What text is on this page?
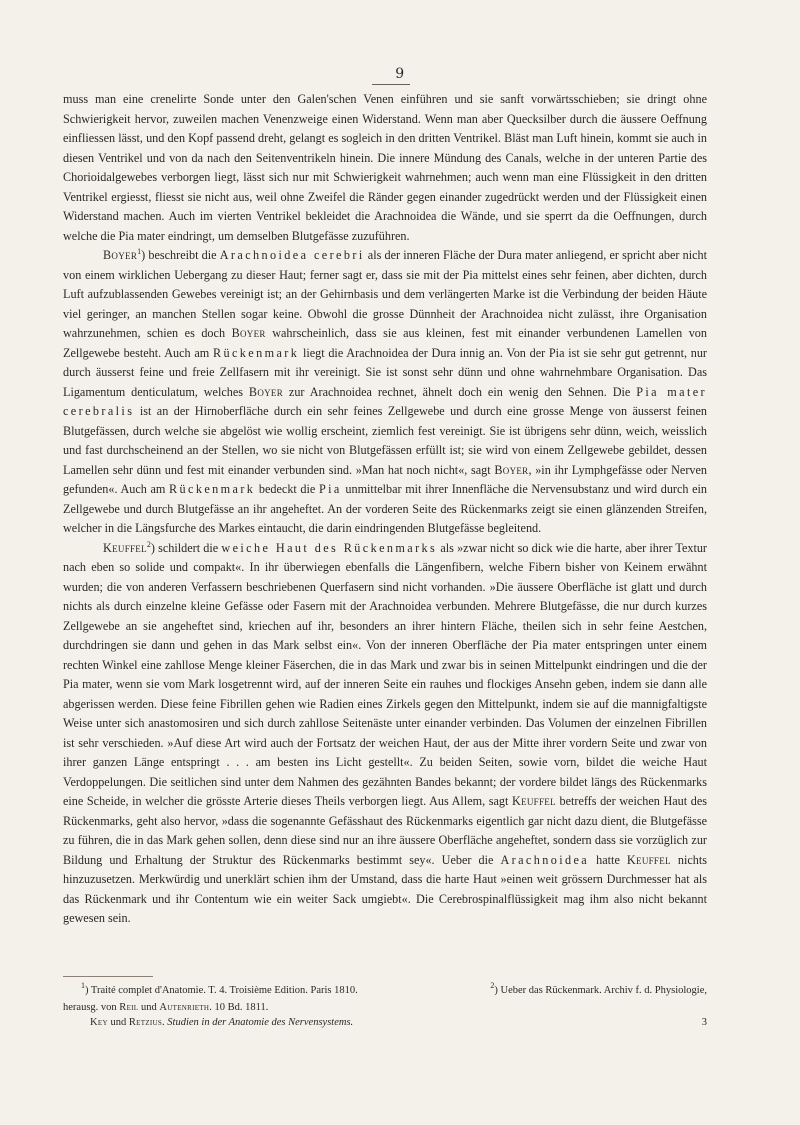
9

muss man eine crenelirte Sonde unter den Galen'schen Venen einführen und sie sanft vorwärtsschieben; sie dringt ohne Schwierigkeit hervor, zuweilen machen Venenzweige einen Widerstand. Wenn man aber Quecksilber durch die äussere Oeffnung einfliessen lässt, und den Kopf passend dreht, gelangt es sogleich in den dritten Ventrikel. Bläst man Luft hinein, kommt sie auch in diesen Ventrikel und von da nach den Seitenventrikeln hinein. Die innere Mündung des Canals, welche in der unteren Partie des Chorioidalgewebes verborgen liegt, lässt sich nur mit Schwierigkeit wahrnehmen; auch wenn man eine Flüssigkeit in den dritten Ventrikel ergiesst, fliesst sie nicht aus, weil ohne Zweifel die Ränder gegen einander zugedrückt werden und der Flüssigkeit einen Widerstand machen. Auch im vierten Ventrikel bekleidet die Arachnoidea die Wände, und sie sperrt da die Oeffnungen, durch welche die Pia mater eindringt, um demselben Blutgefässe zuzuführen.

Boyer$^1$) beschreibt die Arachnoidea cerebri als der inneren Fläche der Dura mater anliegend, er spricht aber nicht von einem wirklichen Uebergang zu dieser Haut; ferner sagt er, dass sie mit der Pia mittelst eines sehr feinen, aber dichten, durch Luft aufzublassenden Gewebes vereinigt ist; an der Gehirnbasis und dem verlängerten Marke ist die Verbindung der beiden Häute viel geringer, an manchen Stellen sogar keine. Obwohl die grosse Dünnheit der Arachnoidea nicht zulässt, ihre Organisation wahrzunehmen, schien es doch Boyer wahrscheinlich, dass sie aus kleinen, fest mit einander verbundenen Lamellen von Zellgewebe besteht. Auch am Rückenmark liegt die Arachnoidea der Dura innig an. Von der Pia ist sie sehr gut getrennt, nur durch äusserst feine und freie Zellfasern mit ihr vereinigt. Sie ist sonst sehr dünn und ohne wahrnehmbare Organisation. Das Ligamentum denticulatum, welches Boyer zur Arachnoidea rechnet, ähnelt doch ein wenig den Sehnen. Die Pia mater cerebralis ist an der Hirnoberfläche durch ein sehr feines Zellgewebe und durch eine grosse Menge von äusserst feinen Blutgefässen, durch welche sie abgelöst wie wollig erscheint, ziemlich fest vereinigt. Sie ist übrigens sehr dünn, weich, weisslich und fast durchscheinend an der Stellen, wo sie nicht von Blutgefässen erfüllt ist; sie wird von einem Zellgewebe gebildet, dessen Lamellen sehr dünn und fest mit einander verbunden sind. »Man hat noch nicht«, sagt Boyer, »in ihr Lymphgefässe oder Nerven gefunden«. Auch am Rückenmark bedeckt die Pia unmittelbar mit ihrer Innenfläche die Nervensubstanz und wird durch ein Zellgewebe und durch Blutgefässe an ihr angeheftet. An der vorderen Seite des Rückenmarks zeigt sie einen glänzenden Streifen, welcher in die Längsfurche des Markes eintaucht, die darin eindringenden Blutgefässe begleitend.

Keuffel$^2$) schildert die weiche Haut des Rückenmarks als »zwar nicht so dick wie die harte, aber ihrer Textur nach eben so solide und compakt«. In ihr überwiegen ebenfalls die Längenfibern, welche Fibern bisher von Keinem erwähnt wurden; die von anderen Verfassern beschriebenen Querfasern sind nicht vorhanden. »Die äussere Oberfläche ist glatt und durch nichts als durch einzelne kleine Gefässe oder Fasern mit der Arachnoidea verbunden. Mehrere Blutgefässe, die nur durch kurzes Zellgewebe an sie angeheftet sind, kriechen auf ihr, besonders an ihrer hintern Fläche, theilen sich in sehr feine Aestchen, durchdringen sie dann und gehen in das Mark selbst ein«. Von der inneren Oberfläche der Pia mater entspringen unter einem rechten Winkel eine zahllose Menge kleiner Fäserchen, die in das Mark und zwar bis in seinen Mittelpunkt eindringen und die der Pia mater, wenn sie vom Mark losgetrennt wird, auf der inneren Seite ein rauhes und flockiges Ansehn geben, indem sie dann alle abgerissen werden. Diese feine Fibrillen gehen wie Radien eines Zirkels gegen den Mittelpunkt, indem sie auf die mannigfaltigste Weise unter sich anastomosiren und sich durch zahllose Seitenäste unter einander verbinden. Das Volumen der einzelnen Fibrillen ist sehr verschieden. »Auf diese Art wird auch der Fortsatz der weichen Haut, der aus der Mitte ihrer vordern Seite und zwar von ihrer ganzen Länge entspringt . . . am besten ins Licht gestellt«. Zu beiden Seiten, sowie vorn, bildet die weiche Haut Verdoppelungen. Die seitlichen sind unter dem Nahmen des gezähnten Bandes bekannt; der vordere bildet längs des Rückenmarks eine Scheide, in welcher die grösste Arterie dieses Theils verborgen liegt. Aus Allem, sagt Keuffel betreffs der weichen Haut des Rückenmarks, geht also hervor, »dass die sogenannte Gefässhaut des Rückenmarks eigentlich gar nicht dazu dient, die Blutgefässe zu führen, die in das Mark gehen sollen, denn diese sind nur an ihre äussere Oberfläche angeheftet, sondern dass sie vorzüglich zur Bildung und Erhaltung der Struktur des Rückenmarks bestimmt sey«. Ueber die Arachnoidea hatte Keuffel nichts hinzuzusetzen. Merkwürdig und unerklärt schien ihm der Umstand, dass die harte Haut »einen weit grössern Durchmesser hat als das Rückenmark und ihr Contentum wie ein weiter Sack umgiebt«. Die Cerebrospinalflüssigkeit mag ihm also nicht bekannt gewesen sein.

$^1$) Traité complet d'Anatomie. T. 4. Troisième Edition. Paris 1810.	$^2$) Ueber das Rückenmark. Archiv f. d. Physiologie,
herausg. von Reil und Autenrieth. 10 Bd. 1811.
Key und Retzius. Studien in der Anatomie des Nervensystems.	3
